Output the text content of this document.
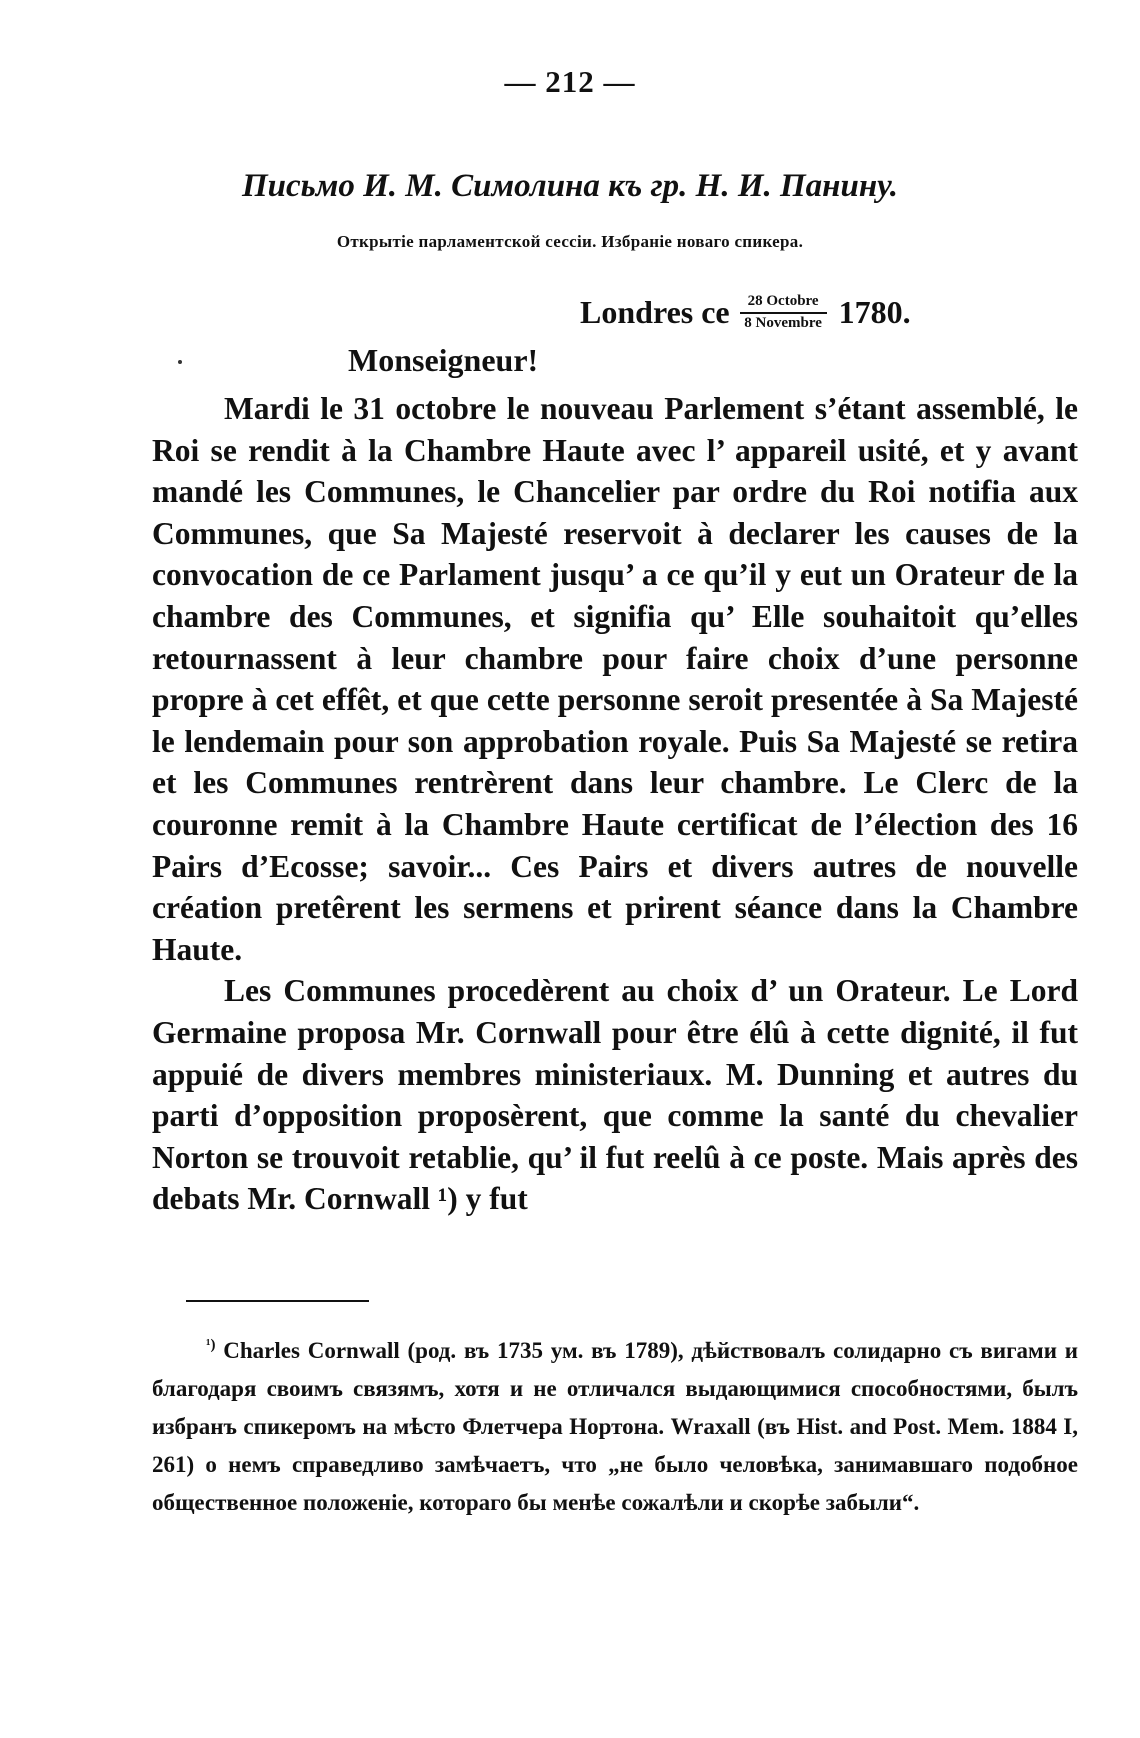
— 212 —
Письмо И. М. Симолина къ гр. Н. И. Панину.
Открытіе парламентской сессіи. Избраніе новаго спикера.
Londres ce $\frac{\text{28 Octobre}}{\text{8 Novembre}} 1780$.
Monseigneur!

Mardi le 31 octobre le nouveau Parlement s’étant assemblé, le Roi se rendit à la Chambre Haute avec l’ appareil usité, et y avant mandé les Communes, le Chancelier par ordre du Roi notifia aux Communes, que Sa Majesté reservoit à declarer les causes de la convocation de ce Parlament jusqu’ a ce qu’il y eut un Orateur de la chambre des Communes, et signifia qu’ Elle souhaitoit qu’elles retournassent à leur chambre pour faire choix d’une personne propre à cet effêt, et que cette personne seroit presentée à Sa Majesté le lendemain pour son approbation royale. Puis Sa Majesté se retira et les Communes rentrèrent dans leur chambre. Le Clerc de la couronne remit à la Chambre Haute certificat de l’élection des 16 Pairs d’Ecosse; savoir... Ces Pairs et divers autres de nouvelle création pretêrent les sermens et prirent séance dans la Chambre Haute.

Les Communes procedèrent au choix d’ un Orateur. Le Lord Germaine proposa Mr. Cornwall pour être élû à cette dignité, il fut appuié de divers membres ministeriaux. M. Dunning et autres du parti d’opposition proposèrent, que comme la santé du chevalier Norton se trouvoit retablie, qu’ il fut reelû à ce poste. Mais après des debats Mr. Cornwall ¹) y fut

$^{^1)}$ Charles Cornwall (род. въ 1735 ум. въ 1789), дѣйствовалъ солидарно съ вигами и благодаря своимъ связямъ, хотя и не отличался выдающимися способностями, былъ избранъ спикеромъ на мѣсто Флетчера Нортона. Wraxall (въ Hist. and Post. Mem. 1884 I, 261) о немъ справедливо замѣчаетъ, что „не было человѣка, занимавшаго подобное общественное положеніе, котораго бы менѣе сожалѣли и скорѣе забыли“.
